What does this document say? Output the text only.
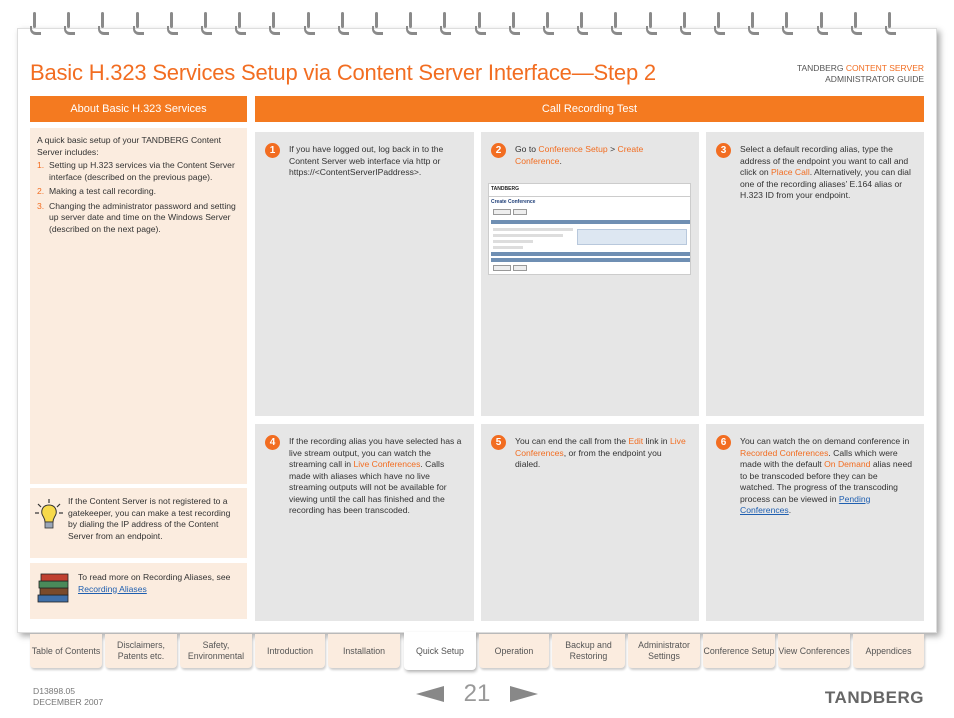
Basic H.323 Services Setup via Content Server Interface—Step 2	TANDBERG CONTENT SERVER
ADMINISTRATOR GUIDE
About Basic H.323 Services	Call Recording Test
A quick basic setup of your TANDBERG Content Server includes:
1. Setting up H.323 services via the Content Server interface (described on the previous page).
2. Making a test call recording.
3. Changing the administrator password and setting up server date and time on the Windows Server (described on the next page).
If the Content Server is not registered to a gatekeeper, you can make a test recording by dialing the IP address of the Content Server from an endpoint.
To read more on Recording Aliases, see Recording Aliases
1	If you have logged out, log back in to the Content Server web interface via http or https://<ContentServerIPaddress>.
2	Go to Conference Setup > Create Conference.
TANDBERG
Create Conference
3	Select a default recording alias, type the address of the endpoint you want to call and click on Place Call. Alternatively, you can dial one of the recording aliases’ E.164 alias or H.323 ID from your endpoint.
4	If the recording alias you have selected has a live stream output, you can watch the streaming call in Live Conferences. Calls made with aliases which have no live streaming outputs will not be available for viewing until the call has finished and the recording has been transcoded.
5	You can end the call from the Edit link in Live Conferences, or from the endpoint you dialed.
6	You can watch the on demand conference in Recorded Conferences. Calls which were made with the default On Demand alias need to be transcoded before they can be watched. The progress of the transcoding process can be viewed in Pending Conferences.
Table of Contents
Disclaimers, Patents etc.
Safety, Environmental
Introduction	Installation	Quick Setup	Operation
Backup and Restoring
Administrator Settings
Conference Setup View Conferences	Appendices
D13898.05
DECEMBER 2007	21	TANDBERG
